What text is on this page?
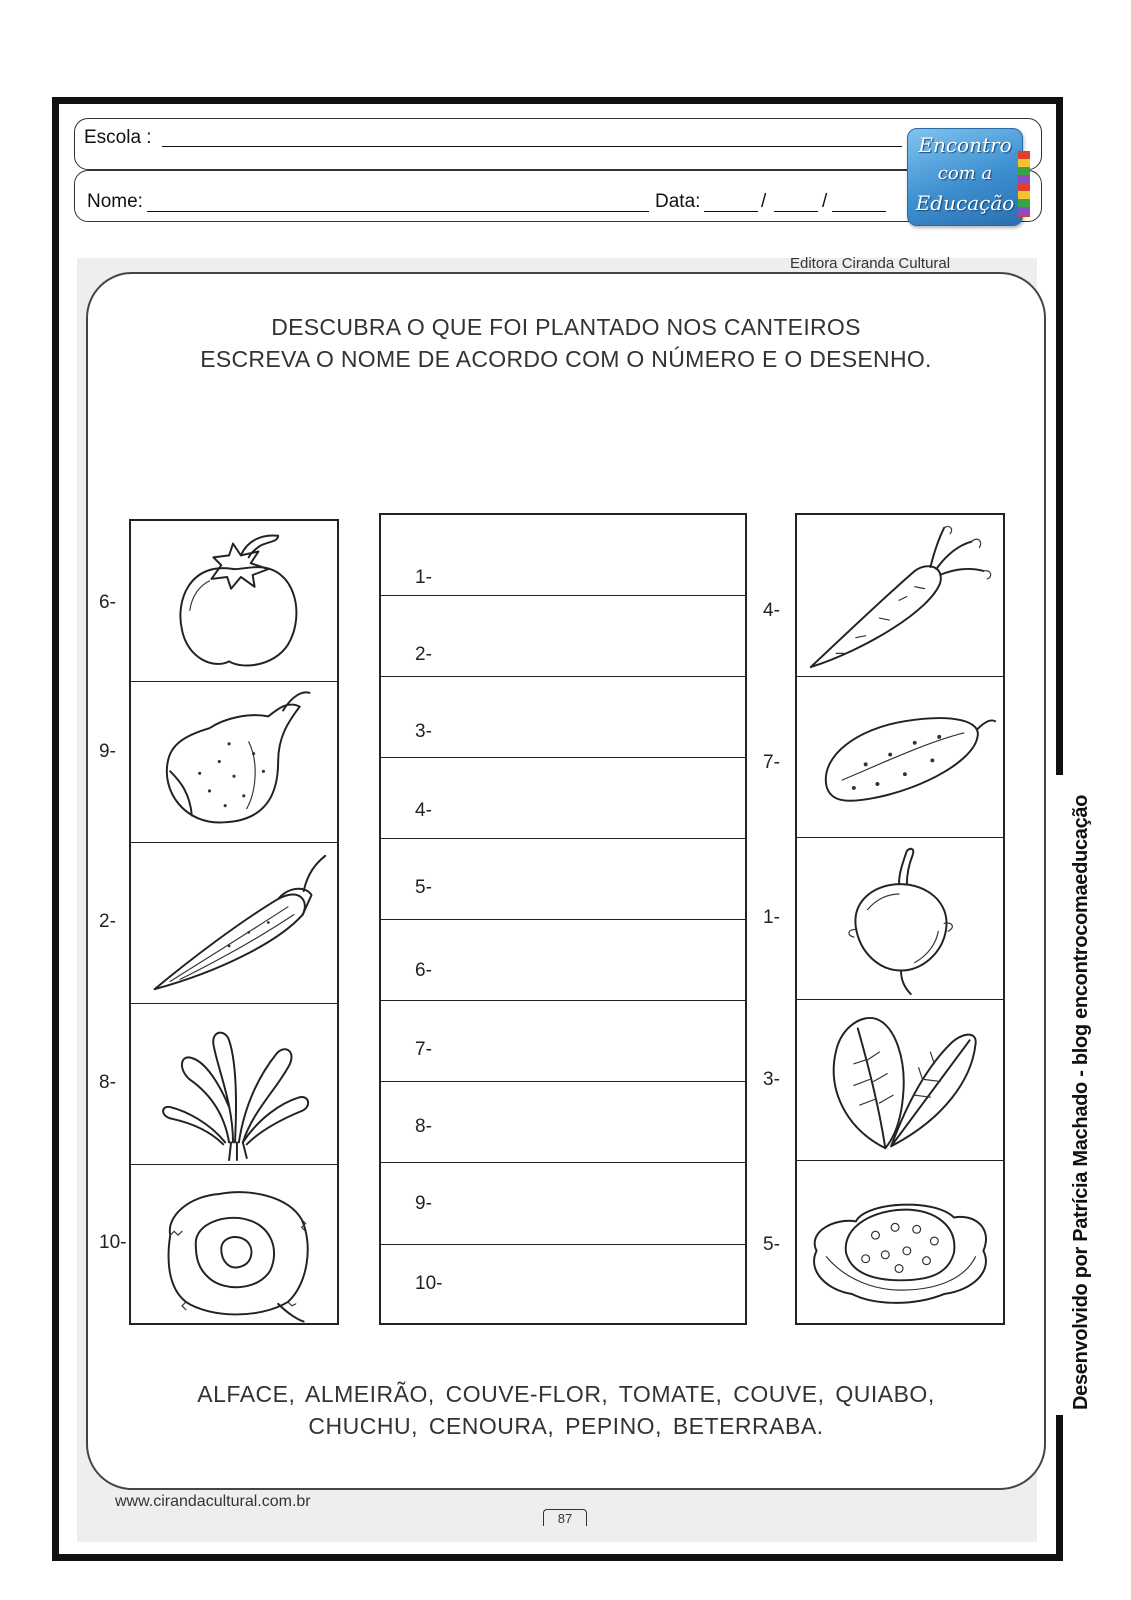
Escola :
Nome:	Data:	/	/
Encontro
com a
Educação
Editora Ciranda Cultural
DESCUBRA O QUE FOI PLANTADO NOS CANTEIROS
ESCREVA O NOME DE ACORDO COM O NÚMERO E O DESENHO.
6-
9-
2-
8-
10-
1-
2-
3-
4-
5-
6-
7-
8-
9-
10-
4-
7-
1-
3-
5-
ALFACE, ALMEIRÃO, COUVE-FLOR, TOMATE, COUVE, QUIABO,
CHUCHU, CENOURA, PEPINO, BETERRABA.
www.cirandacultural.com.br
87
Desenvolvido por Patrícia Machado - blog encontrocomaeducação
